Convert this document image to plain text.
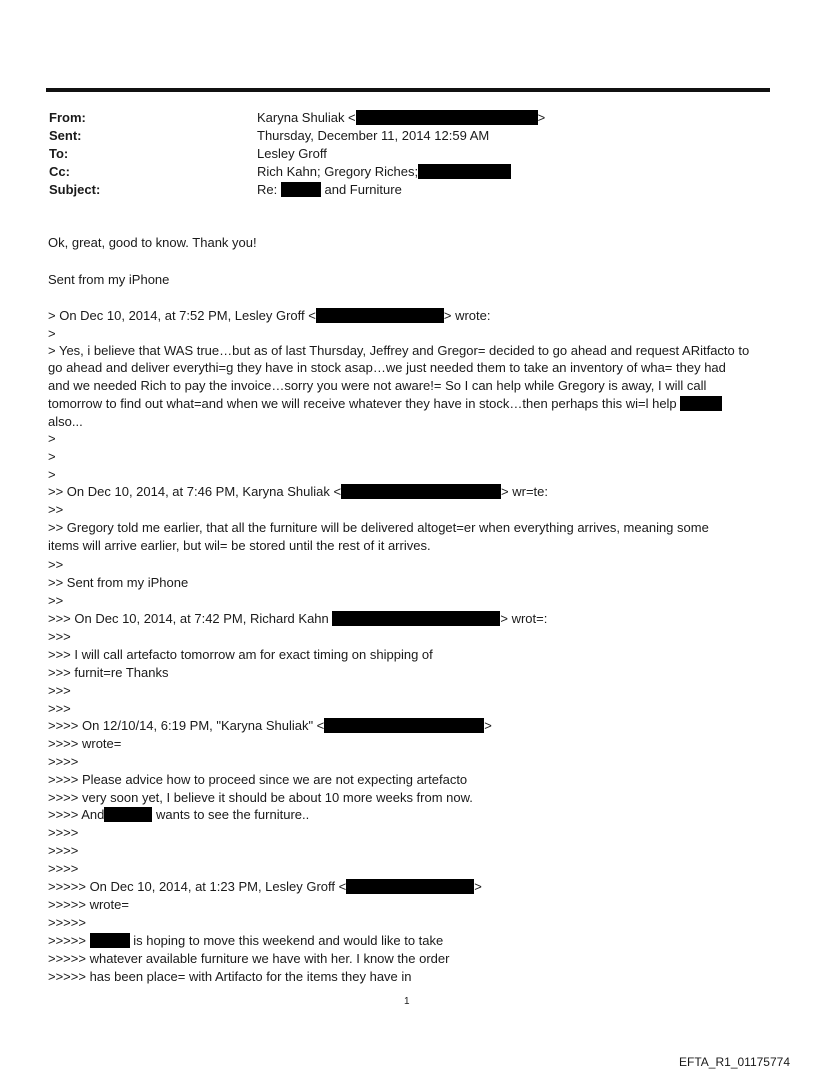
From:	Karyna Shuliak <	>
Sent:	Thursday, December 11, 2014 12:59 AM
To:	Lesley Groff
Cc:	Rich Kahn; Gregory Riches;
Subject:	Re:	and Furniture
Ok, great, good to know. Thank you!
Sent from my iPhone
> On Dec 10, 2014, at 7:52 PM, Lesley Groff <	> wrote:
>
> Yes, i believe that WAS true…but as of last Thursday, Jeffrey and Gregor= decided to go ahead and request ARitfacto to
go ahead and deliver everythi=g they have in stock asap…we just needed them to take an inventory of wha= they had
and we needed Rich to pay the invoice…sorry you were not aware!= So I can help while Gregory is away, I will call
tomorrow to find out what=and when we will receive whatever they have in stock…then perhaps this wi=l help
also...
>
>
>
>> On Dec 10, 2014, at 7:46 PM, Karyna Shuliak <	> wr=te:
>>
>> Gregory told me earlier, that all the furniture will be delivered altoget=er when everything arrives, meaning some
items will arrive earlier, but wil= be stored until the rest of it arrives.
>>
>> Sent from my iPhone
>>
>>> On Dec 10, 2014, at 7:42 PM, Richard Kahn	> wrot=:
>>>
>>> I will call artefacto tomorrow am for exact timing on shipping of
>>> furnit=re Thanks
>>>
>>>
>>>> On 12/10/14, 6:19 PM, "Karyna Shuliak" <	>
>>>> wrote=
>>>>
>>>> Please advice how to proceed since we are not expecting artefacto
>>>> very soon yet, I believe it should be about 10 more weeks from now.
>>>> And	wants to see the furniture..
>>>>
>>>>
>>>>
>>>>> On Dec 10, 2014, at 1:23 PM, Lesley Groff <	>
>>>>> wrote=
>>>>>
>>>>>	is hoping to move this weekend and would like to take
>>>>> whatever available furniture we have with her. I know the order
>>>>> has been place= with Artifacto for the items they have in
1
EFTA_R1_01175774
